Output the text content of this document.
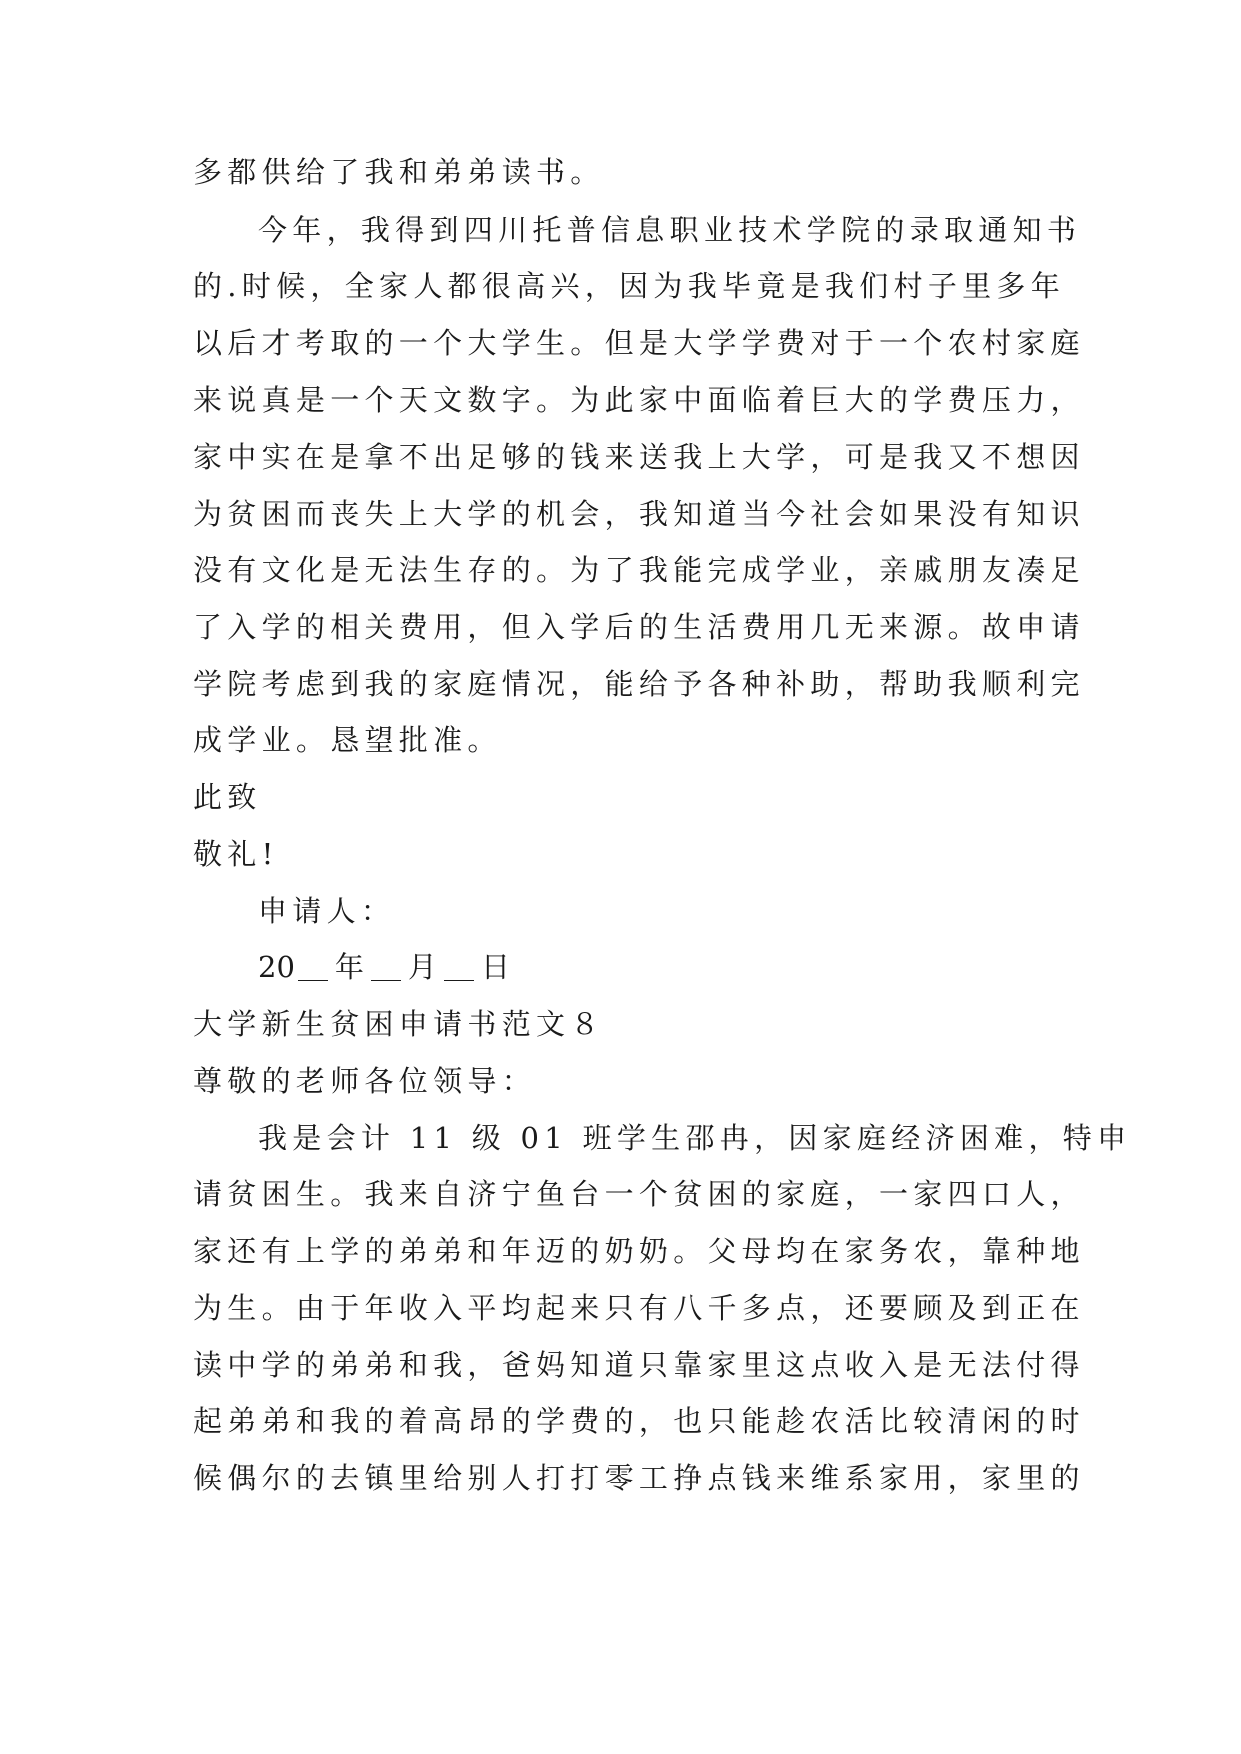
多都供给了我和弟弟读书。
今年，我得到四川托普信息职业技术学院的录取通知书
的.时候，全家人都很高兴，因为我毕竟是我们村子里多年
以后才考取的一个大学生。但是大学学费对于一个农村家庭
来说真是一个天文数字。为此家中面临着巨大的学费压力，
家中实在是拿不出足够的钱来送我上大学，可是我又不想因
为贫困而丧失上大学的机会，我知道当今社会如果没有知识
没有文化是无法生存的。为了我能完成学业，亲戚朋友凑足
了入学的相关费用，但入学后的生活费用几无来源。故申请
学院考虑到我的家庭情况，能给予各种补助，帮助我顺利完
成学业。恳望批准。
此致
敬礼!
申请人：
20 年 月 日
大学新生贫困申请书范文８
尊敬的老师各位领导：
我是会计 11 级 01 班学生邵冉，因家庭经济困难，特申
请贫困生。我来自济宁鱼台一个贫困的家庭，一家四口人，
家还有上学的弟弟和年迈的奶奶。父母均在家务农，靠种地
为生。由于年收入平均起来只有八千多点，还要顾及到正在
读中学的弟弟和我，爸妈知道只靠家里这点收入是无法付得
起弟弟和我的着高昂的学费的，也只能趁农活比较清闲的时
候偶尔的去镇里给别人打打零工挣点钱来维系家用，家里的
